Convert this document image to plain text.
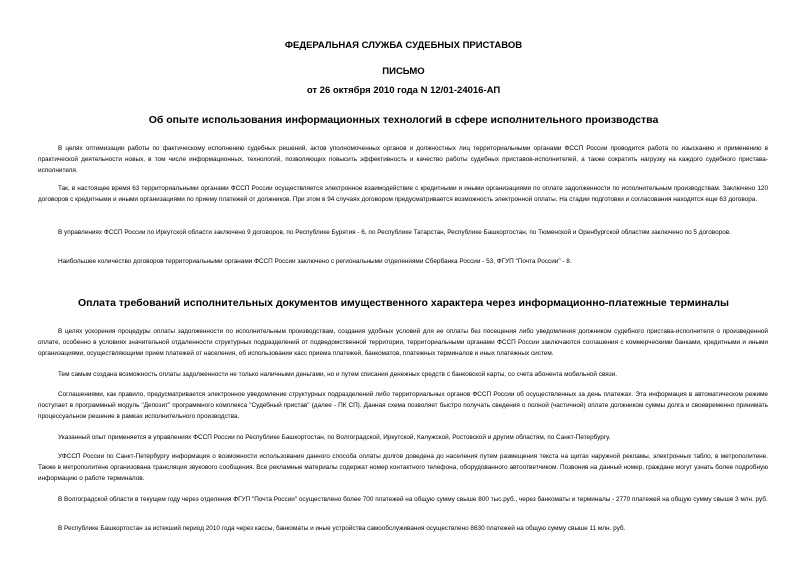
ФЕДЕРАЛЬНАЯ СЛУЖБА СУДЕБНЫХ ПРИСТАВОВ
ПИСЬМО
от 26 октября 2010 года N 12/01-24016-АП
Об опыте использования информационных технологий в сфере исполнительного производства

В целях оптимизации работы по фактическому исполнению судебных решений, актов уполномоченных органов и должностных лиц территориальными органами ФССП России проводится работа по изысканию и применению в практической деятельности новых, в том числе информационных, технологий, позволяющих повысить эффективность и качество работы судебных приставов-исполнителей, а также сократить нагрузку на каждого судебного пристава-исполнителя.

Так, в настоящее время 63 территориальными органами ФССП России осуществляется электронное взаимодействие с кредитными и иными организациями по оплате задолженности по исполнительным производствам. Заключено 120 договоров с кредитными и иными организациями по приему платежей от должников. При этом в 94 случаях договором предусматривается возможность электронной оплаты. На стадии подготовки и согласования находятся еще 63 договора.

В управлениях ФССП России по Иркутской области заключено 9 договоров, по Республике Бурятия - 6, по Республике Татарстан, Республике Башкортостан, по Тюменской и Оренбургской областям заключено по 5 договоров.

Наибольшее количество договоров территориальными органами ФССП России заключено с региональными отделениями Сбербанка России - 53, ФГУП "Почта России" - 8.

Оплата требований исполнительных документов имущественного характера через информационно-платежные терминалы

В целях ускорения процедуры оплаты задолженности по исполнительным производствам, создания удобных условий для ее оплаты без посещения либо уведомления должником судебного пристава-исполнителя о произведенной оплате, особенно в условиях значительной отдаленности структурных подразделений от подведомственной территории, территориальными органами ФССП России заключаются соглашения с коммерческими банками, кредитными и иными организациями, осуществляющими прием платежей от населения, об использовании касс приема платежей, банкоматов, платежных терминалов и иных платежных систем.

Тем самым создана возможность оплаты задолженности не только наличными деньгами, но и путем списания денежных средств с банковской карты, со счета абонента мобильной связи.

Соглашениями, как правило, предусматривается электронное уведомление структурных подразделений либо территориальных органов ФССП России об осуществленных за день платежах. Эта информация в автоматическом режиме поступает в программный модуль "Депозит" программного комплекса "Судебный пристав" (далее - ПК СП). Данная схема позволяет быстро получать сведения о полной (частичной) оплате должником суммы долга и своевременно принимать процессуальное решение в рамках исполнительного производства.

Указанный опыт применяется в управлениях ФССП России по Республике Башкортостан, по Волгоградской, Иркутской, Калужской, Ростовской и другим областям, по Санкт-Петербургу.

УФССП России по Санкт-Петербургу информация о возможности использования данного способа оплаты долгов доведена до населения путем размещения текста на щитах наружной рекламы, электронных табло, в метрополитене. Также в метрополитене организована трансляция звукового сообщения. Все рекламные материалы содержат номер контактного телефона, оборудованного автоответчиком. Позвонив на данный номер, граждане могут узнать более подробную информацию о работе терминалов.

В Волгоградской области в текущем году через отделения ФГУП "Почта России" осуществлено более 700 платежей на общую сумму свыше 800 тыс.руб., через банкоматы и терминалы - 2770 платежей на общую сумму свыше 3 млн. руб.

В Республике Башкортостан за истекший период 2010 года через кассы, банкоматы и иные устройства самообслуживания осуществлено 8630 платежей на общую сумму свыше 11 млн. руб.
